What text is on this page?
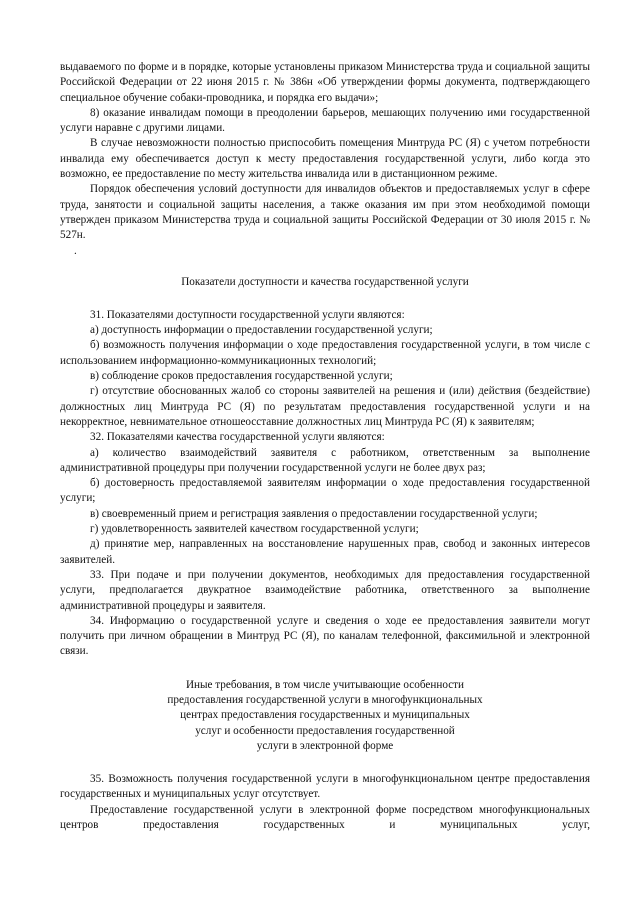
выдаваемого по форме и в порядке, которые установлены приказом Министерства труда и социальной защиты Российской Федерации от 22 июня 2015 г. № 386н «Об утверждении формы документа, подтверждающего специальное обучение собаки-проводника, и порядка его выдачи»;

8) оказание инвалидам помощи в преодолении барьеров, мешающих получению ими государственной услуги наравне с другими лицами.

В случае невозможности полностью приспособить помещения Минтруда РС (Я) с учетом потребности инвалида ему обеспечивается доступ к месту предоставления государственной услуги, либо когда это возможно, ее предоставление по месту жительства инвалида или в дистанционном режиме.

Порядок обеспечения условий доступности для инвалидов объектов и предоставляемых услуг в сфере труда, занятости и социальной защиты населения, а также оказания им при этом необходимой помощи утвержден приказом Министерства труда и социальной защиты Российской Федерации от 30 июля 2015 г. № 527н.

.

Показатели доступности и качества государственной услуги

31. Показателями доступности государственной услуги являются:

а) доступность информации о предоставлении государственной услуги;

б) возможность получения информации о ходе предоставления государственной услуги, в том числе с использованием информационно-коммуникационных технологий;

в) соблюдение сроков предоставления государственной услуги;

г) отсутствие обоснованных жалоб со стороны заявителей на решения и (или) действия (бездействие) должностных лиц Минтруда РС (Я) по результатам предоставления государственной услуги и на некорректное, невнимательное отношеосставние должностных лиц Минтруда РС (Я) к заявителям;

32. Показателями качества государственной услуги являются:

а) количество взаимодействий заявителя с работником, ответственным за выполнение административной процедуры при получении государственной услуги не более двух раз;

б) достоверность предоставляемой заявителям информации о ходе предоставления государственной услуги;

в) своевременный прием и регистрация заявления о предоставлении государственной услуги;

г) удовлетворенность заявителей качеством государственной услуги;

д) принятие мер, направленных на восстановление нарушенных прав, свобод и законных интересов заявителей.

33. При подаче и при получении документов, необходимых для предоставления государственной услуги, предполагается двукратное взаимодействие работника, ответственного за выполнение административной процедуры и заявителя.

34. Информацию о государственной услуге и сведения о ходе ее предоставления заявители могут получить при личном обращении в Минтруд РС (Я), по каналам телефонной, факсимильной и электронной связи.

Иные требования, в том числе учитывающие особенности
предоставления государственной услуги в многофункциональных
центрах предоставления государственных и муниципальных
услуг и особенности предоставления государственной
услуги в электронной форме

35. Возможность получения государственной услуги в многофункциональном центре предоставления государственных и муниципальных услуг отсутствует.

Предоставление государственной услуги в электронной форме посредством многофункциональных центров предоставления государственных и муниципальных услуг,
